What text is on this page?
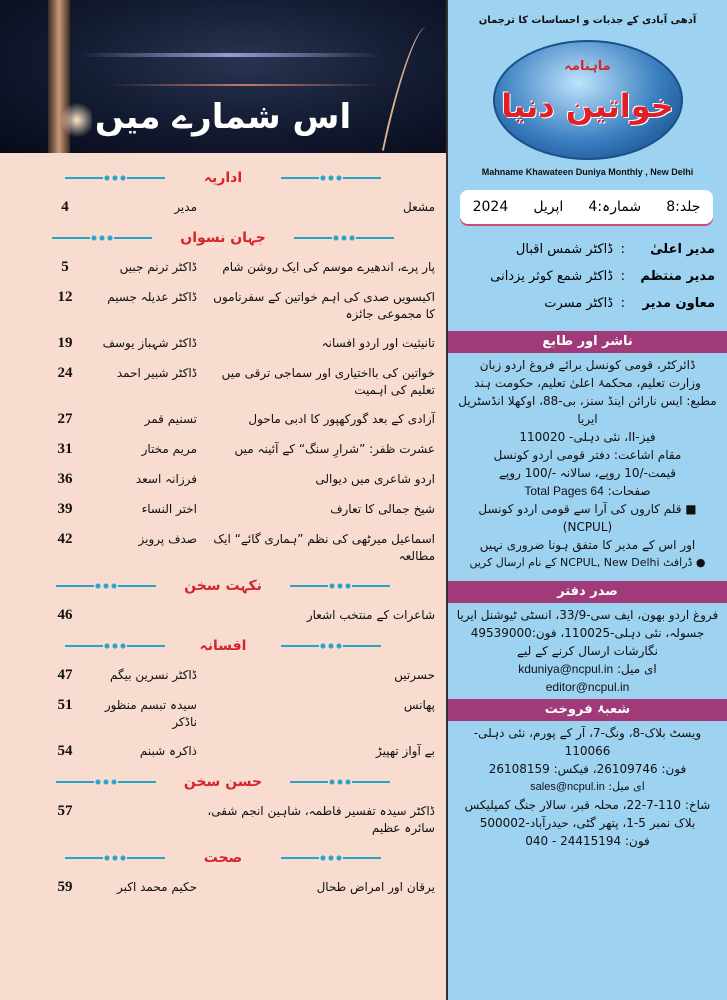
اس شمارے میں
اداریہ
مشعل
مدیر
4
جہان نسواں
پار پرے، اندھیرے موسم کی ایک روشن شام
ڈاکٹر ترنم جبیں
5
اکیسویں صدی کی اہم خواتین کے سفرناموں کا مجموعی جائزہ
ڈاکٹر عدیلہ جسیم
12
تانیثیت اور اردو افسانہ
ڈاکٹر شہباز یوسف
19
خواتین کی بااختیاری اور سماجی ترقی میں تعلیم کی اہمیت
ڈاکٹر شبیر احمد
24
آزادی کے بعد گورکھپور کا ادبی ماحول
تسنیم قمر
27
عشرت ظفر: ”شرارِ سنگ“ کے آئینہ میں
مریم مختار
31
اردو شاعری میں دیوالی
فرزانہ اسعد
36
شیخ جمالی کا تعارف
اختر النساء
39
اسماعیل میرٹھی کی نظم ”ہماری گائے“ ایک مطالعہ
صدف پرویز
42
نکہت سخن
شاعرات کے منتخب اشعار
46
افسانہ
حسرتیں
ڈاکٹر نسرین بیگم
47
پھانس
سیدہ تبسم منظور ناڈکر
51
بے آواز تھپیڑ
ذاکرہ شبنم
54
حسن سخن
ڈاکٹر سیدہ تفسیر فاطمہ، شاہین انجم شفی، سائرہ عظیم
57
صحت
یرقان اور امراض طحال
حکیم محمد اکبر
59
آدھی آبادی کے جذبات و احساسات کا ترجمان
ماہنامہ
خواتین دنیا
Mahname Khawateen Duniya Monthly , New Delhi
جلد:8
شمارہ:4
اپریل
2024
مدیر اعلیٰ
:
ڈاکٹر شمس اقبال
مدیر منتظم
:
ڈاکٹر شمع کوثر یزدانی
معاون مدیر
:
ڈاکٹر مسرت
ناشر اور طابع
ڈائرکٹر، قومی کونسل برائے فروغ اردو زبان
وزارت تعلیم، محکمۂ اعلیٰ تعلیم، حکومت ہند
مطبع: ایس نارائن اینڈ سنز، بی-88، اوکھلا انڈسٹریل ایریا
فیز-II، نئی دہلی- 110020
مقام اشاعت: دفتر قومی اردو کونسل
قیمت-/10 روپے، سالانہ -/100 روپے
صفحات: Total Pages 64
■ قلم کاروں کی آرا سے قومی اردو کونسل (NCPUL)
اور اس کے مدیر کا متفق ہونا ضروری نہیں
● ڈرافٹ NCPUL, New Delhi کے نام ارسال کریں
صدر دفتر
فروغ اردو بھون، ایف سی-33/9، انسٹی ٹیوشنل ایریا
جسولہ، نئی دہلی-110025، فون:49539000
نگارشات ارسال کرنے کے لیے
ای میل: kduniya@ncpul.in
editor@ncpul.in
شعبۂ فروخت
ویسٹ بلاک-8، ونگ-7، آر کے پورم، نئی دہلی- 110066
فون: 26109746، فیکس: 26108159
ای میل: sales@ncpul.in
شاخ: 110-7-22، محلہ قبر، سالار جنگ کمپلیکس
بلاک نمبر 5-1، پتھر گٹی، حیدرآباد-500002
فون: 24415194 - 040
